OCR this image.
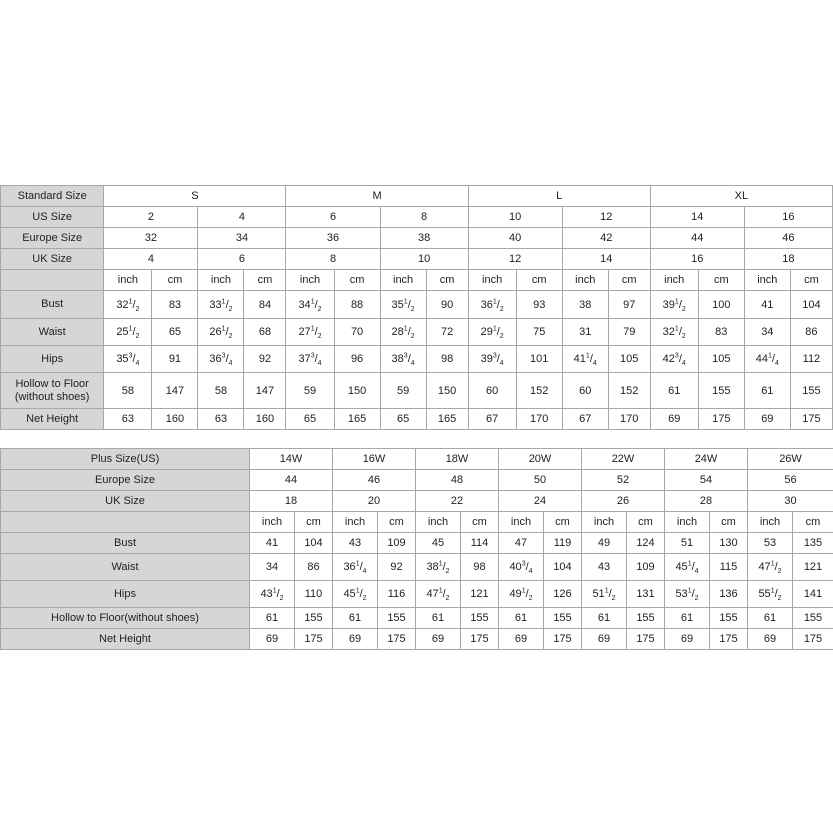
Standard Size	S				M				L				XL			
US Size	2		4		6		8		10		12		14		16	
Europe Size	32		34		36		38		40		42		44		46	
UK Size	4		6		8		10		12		14		16		18	
	inch	cm	inch	cm	inch	cm	inch	cm	inch	cm	inch	cm	inch	cm	inch	cm
Bust	$32^1/_2$	83	$33^1/_2$	84	$34^1/_2$	88	$35^1/_2$	90	$36^1/_2$	93	38	97	$39^1/_2$	100	41	104
Waist	$25^1/_2$	65	$26^1/_2$	68	$27^1/_2$	70	$28^1/_2$	72	$29^1/_2$	75	31	79	$32^1/_2$	83	34	86
Hips	$35^3/_4$	91	$36^3/_4$	92	$37^3/_4$	96	$38^3/_4$	98	$39^3/_4$	101	$41^1/_4$	105	$42^3/_4$	105	$44^1/_4$	112
Hollow to Floor (without shoes)	58	147	58	147	59	150	59	150	60	152	60	152	61	155	61	155
Net Height	63	160	63	160	65	165	65	165	67	170	67	170	69	175	69	175
Plus Size(US)	14W		16W		18W		20W		22W		24W		26W	
Europe Size	44		46		48		50		52		54		56	
UK Size	18		20		22		24		26		28		30	
	inch	cm	inch	cm	inch	cm	inch	cm	inch	cm	inch	cm	inch	cm
Bust	41	104	43	109	45	114	47	119	49	124	51	130	53	135
Waist	34	86	$36^1/_4$	92	$38^1/_2$	98	$40^3/_4$	104	43	109	$45^1/_4$	115	$47^1/_2$	121
Hips	$43^1/_2$	110	$45^1/_2$	116	$47^1/_2$	121	$49^1/_2$	126	$51^1/_2$	131	$53^1/_2$	136	$55^1/_2$	141
Hollow to Floor(without shoes)	61	155	61	155	61	155	61	155	61	155	61	155	61	155
Net Height	69	175	69	175	69	175	69	175	69	175	69	175	69	175
